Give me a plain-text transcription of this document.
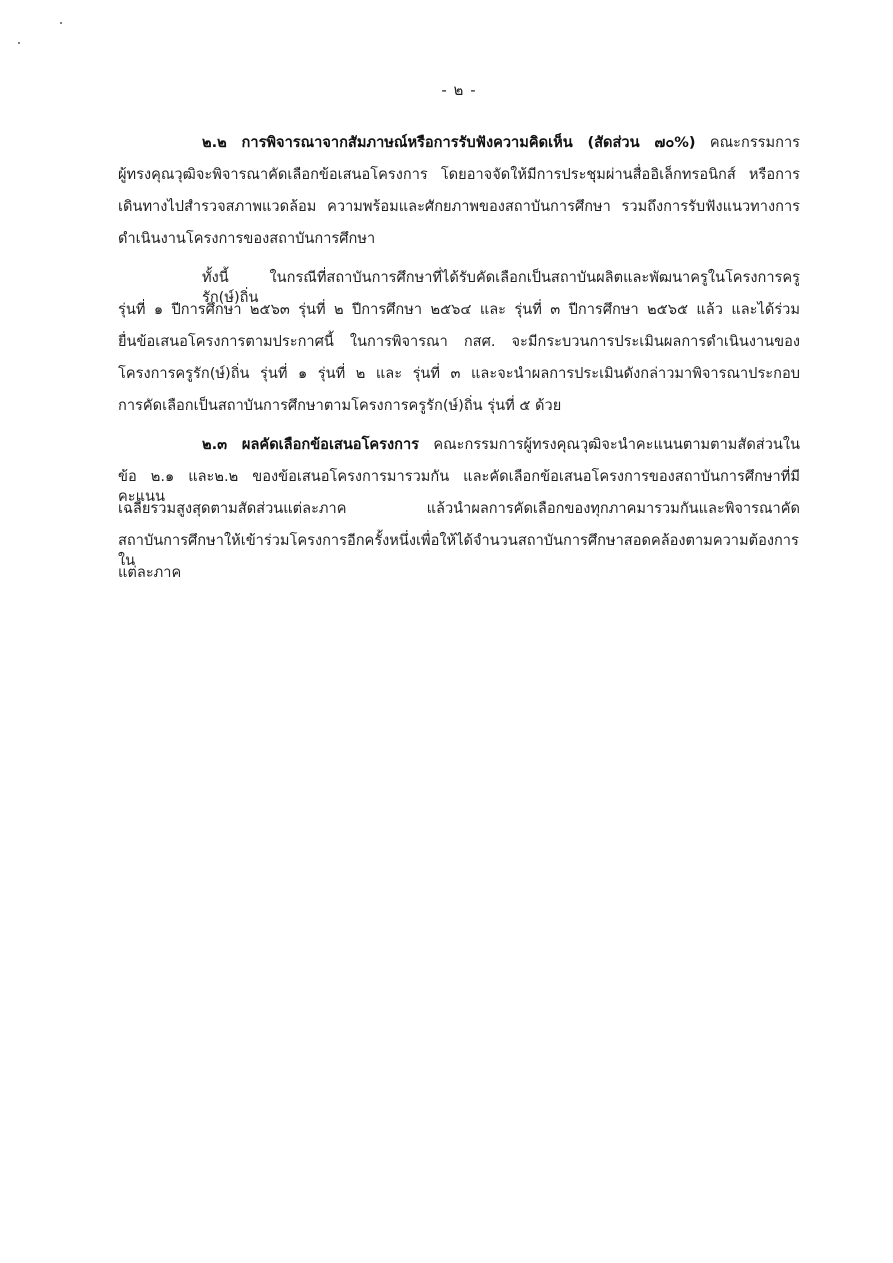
- ๒ -
๒.๒ การพิจารณาจากสัมภาษณ์หรือการรับฟังความคิดเห็น (สัดส่วน ๗๐%) คณะกรรมการ
ผู้ทรงคุณวุฒิจะพิจารณาคัดเลือกข้อเสนอโครงการ โดยอาจจัดให้มีการประชุมผ่านสื่ออิเล็กทรอนิกส์ หรือการ
เดินทางไปสำรวจสภาพแวดล้อม ความพร้อมและศักยภาพของสถาบันการศึกษา รวมถึงการรับฟังแนวทางการ
ดำเนินงานโครงการของสถาบันการศึกษา
ทั้งนี้ ในกรณีที่สถาบันการศึกษาที่ได้รับคัดเลือกเป็นสถาบันผลิตและพัฒนาครูในโครงการครูรัก(ษ์)ถิ่น
รุ่นที่ ๑ ปีการศึกษา ๒๕๖๓ รุ่นที่ ๒ ปีการศึกษา ๒๕๖๔ และ รุ่นที่ ๓ ปีการศึกษา ๒๕๖๕ แล้ว และได้ร่วม
ยื่นข้อเสนอโครงการตามประกาศนี้ ในการพิจารณา กสศ. จะมีกระบวนการประเมินผลการดำเนินงานของ
โครงการครูรัก(ษ์)ถิ่น รุ่นที่ ๑ รุ่นที่ ๒ และ รุ่นที่ ๓ และจะนำผลการประเมินดังกล่าวมาพิจารณาประกอบ
การคัดเลือกเป็นสถาบันการศึกษาตามโครงการครูรัก(ษ์)ถิ่น รุ่นที่ ๕ ด้วย
๒.๓ ผลคัดเลือกข้อเสนอโครงการ คณะกรรมการผู้ทรงคุณวุฒิจะนำคะแนนตามตามสัดส่วนใน
ข้อ ๒.๑ และ๒.๒ ของข้อเสนอโครงการมารวมกัน และคัดเลือกข้อเสนอโครงการของสถาบันการศึกษาที่มีคะแนน
เฉลี่ยรวมสูงสุดตามสัดส่วนแต่ละภาค แล้วนำผลการคัดเลือกของทุกภาคมารวมกันและพิจารณาคัด
สถาบันการศึกษาให้เข้าร่วมโครงการอีกครั้งหนึ่งเพื่อให้ได้จำนวนสถาบันการศึกษาสอดคล้องตามความต้องการใน
แต่ละภาค
